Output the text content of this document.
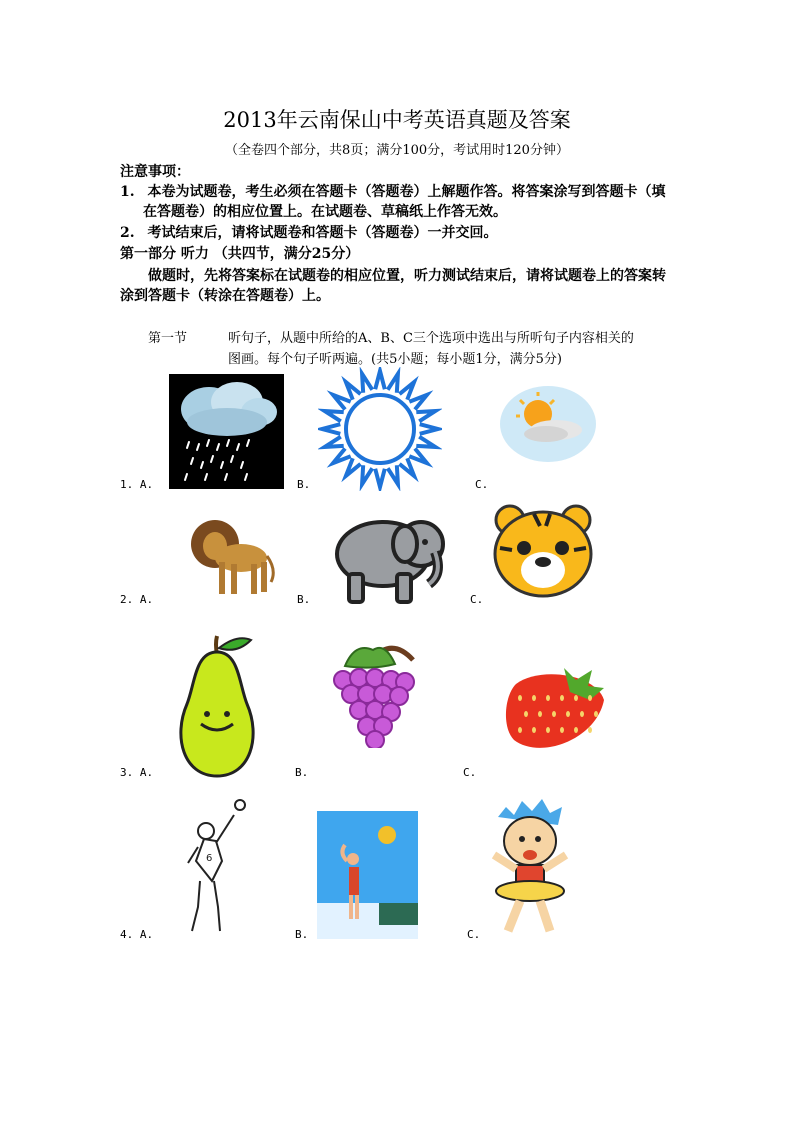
2013年云南保山中考英语真题及答案
（全卷四个部分，共8页；满分100分，考试用时120分钟）
注意事项：
1. 本卷为试题卷，考生必须在答题卡（答题卷）上解题作答。将答案涂写到答题卡（填
在答题卷）的相应位置上。在试题卷、草稿纸上作答无效。
2. 考试结束后，请将试题卷和答题卡（答题卷）一并交回。
第一部分 听力 （共四节，满分25分）
做题时，先将答案标在试题卷的相应位置，听力测试结束后，请将试题卷上的答案转
涂到答题卡（转涂在答题卷）上。
第一节	听句子，从题中所给的A、B、C三个选项中选出与所听句子内容相关的
图画。每个句子听两遍。(共5小题；每小题1分，满分5分)
1. A.	B.	C.
2. A.	B.	C.
3. A.	B.	C.
4. A.	B.	C.
6
